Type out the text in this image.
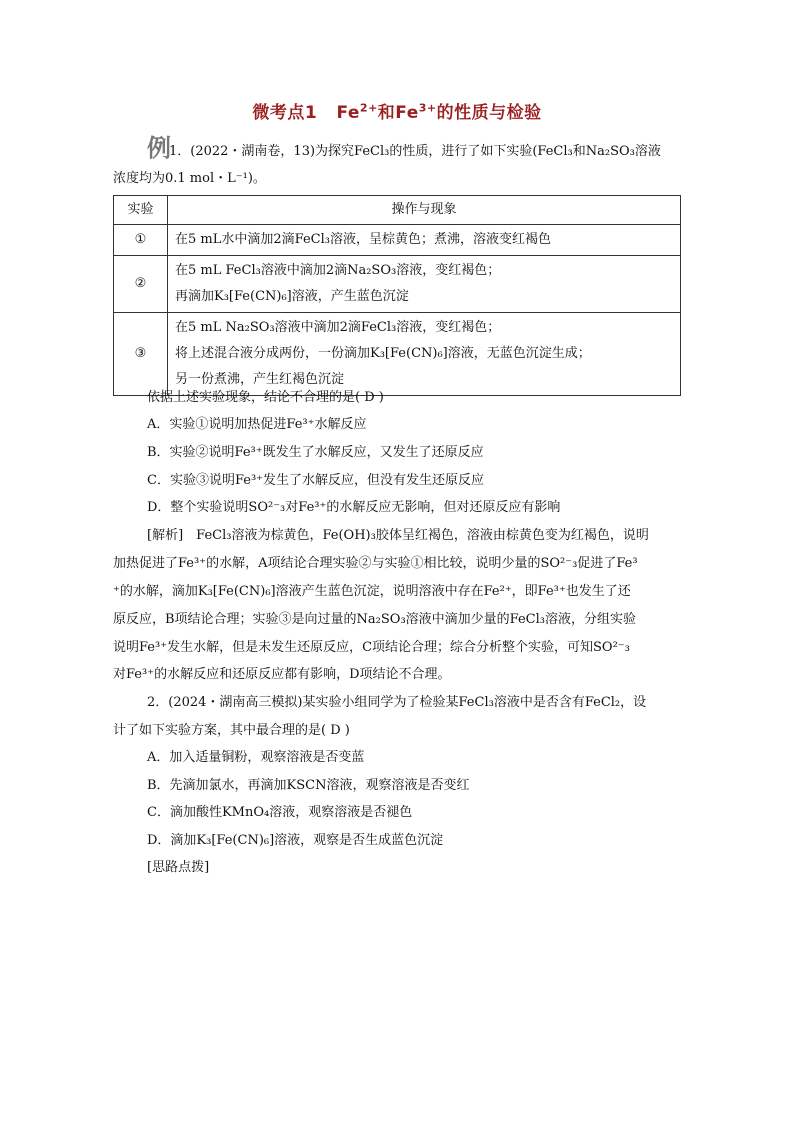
微考点1 $Fe^{2+}$和$Fe^{3+}$的性质与检验
例
1．(2022・湖南卷，13)为探究FeCl₃的性质，进行了如下实验(FeCl₃和Na₂SO₃溶液
浓度均为0.1 mol・L⁻¹)。
实验	操作与现象
①	在5 mL水中滴加2滴FeCl₃溶液，呈棕黄色；煮沸，溶液变红褐色

②	在5 mL FeCl₃溶液中滴加2滴Na₂SO₃溶液，变红褐色；
再滴加K₃[Fe(CN)₆]溶液，产生蓝色沉淀

③	在5 mL Na₂SO₃溶液中滴加2滴FeCl₃溶液，变红褐色；
将上述混合液分成两份，一份滴加K₃[Fe(CN)₆]溶液，无蓝色沉淀生成；
另一份煮沸，产生红褐色沉淀
依据上述实验现象，结论不合理的是( D )
A．实验①说明加热促进Fe³⁺水解反应
B．实验②说明Fe³⁺既发生了水解反应，又发生了还原反应
C．实验③说明Fe³⁺发生了水解反应，但没有发生还原反应
D．整个实验说明SO²⁻₃对Fe³⁺的水解反应无影响，但对还原反应有影响
[解析]　FeCl₃溶液为棕黄色，Fe(OH)₃胶体呈红褐色，溶液由棕黄色变为红褐色，说明
加热促进了Fe³⁺的水解，A项结论合理实验②与实验①相比较，说明少量的SO²⁻₃促进了Fe³
⁺的水解，滴加K₃[Fe(CN)₆]溶液产生蓝色沉淀，说明溶液中存在Fe²⁺，即Fe³⁺也发生了还
原反应，B项结论合理；实验③是向过量的Na₂SO₃溶液中滴加少量的FeCl₃溶液，分组实验
说明Fe³⁺发生水解，但是未发生还原反应，C项结论合理；综合分析整个实验，可知SO²⁻₃
对Fe³⁺的水解反应和还原反应都有影响，D项结论不合理。
2．(2024・湖南高三模拟)某实验小组同学为了检验某FeCl₃溶液中是否含有FeCl₂，设
计了如下实验方案，其中最合理的是( D )
A．加入适量铜粉，观察溶液是否变蓝
B．先滴加氯水，再滴加KSCN溶液，观察溶液是否变红
C．滴加酸性KMnO₄溶液，观察溶液是否褪色
D．滴加K₃[Fe(CN)₆]溶液，观察是否生成蓝色沉淀
[思路点拨]
